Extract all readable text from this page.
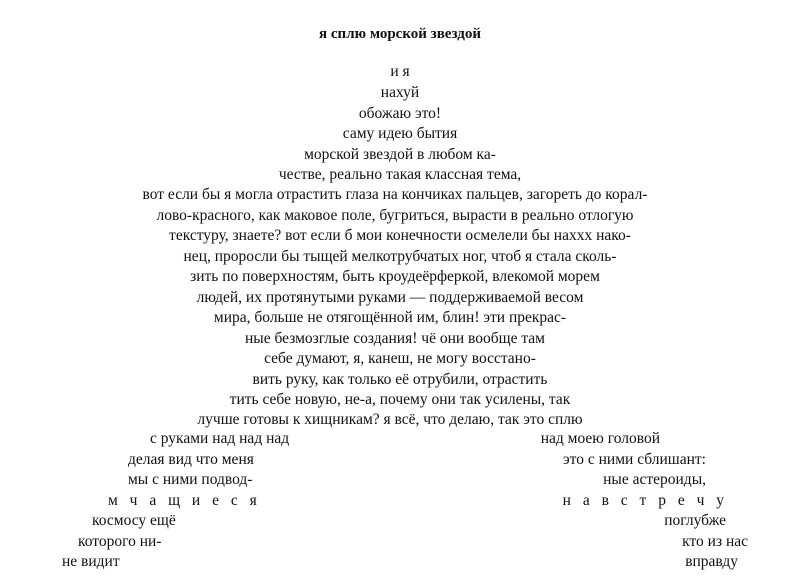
я сплю морской звездой
и я
нахуй
обожаю это!
саму идею бытия
морской звездой в любом ка-
честве, реально такая классная тема,
вот если бы я могла отрастить глаза на кончиках пальцев, загореть до корал-
лово-красного, как маковое поле, бугриться, вырасти в реально отлогую
текстуру, знаете? вот если б мои конечности осмелели бы наххх нако-
нец, проросли бы тыщей мелкотрубчатых ног, чтоб я стала сколь-
зить по поверхностям, быть кроудеёрферкой, влекомой морем
людей, их протянутыми руками — поддерживаемой весом
мира, больше не отягощённой им, блин! эти прекрас-
ные безмозглые создания! чё они вообще там
себе думают, я, канеш, не могу восстано-
вить руку, как только её отрубили, отрастить
тить себе новую, не-а, почему они так усилены, так
лучше готовы к хищникам? я всё, что делаю, так это сплю
с руками над над над
делая вид что меня
мы с ними подвод-
м ч а щ и е с я
космосу ещё
которого ни-
не видит
над моею головой
это с ними сблишант:
ные астероиды,
н а в с т р е ч у
поглубже
кто из нас
вправду
